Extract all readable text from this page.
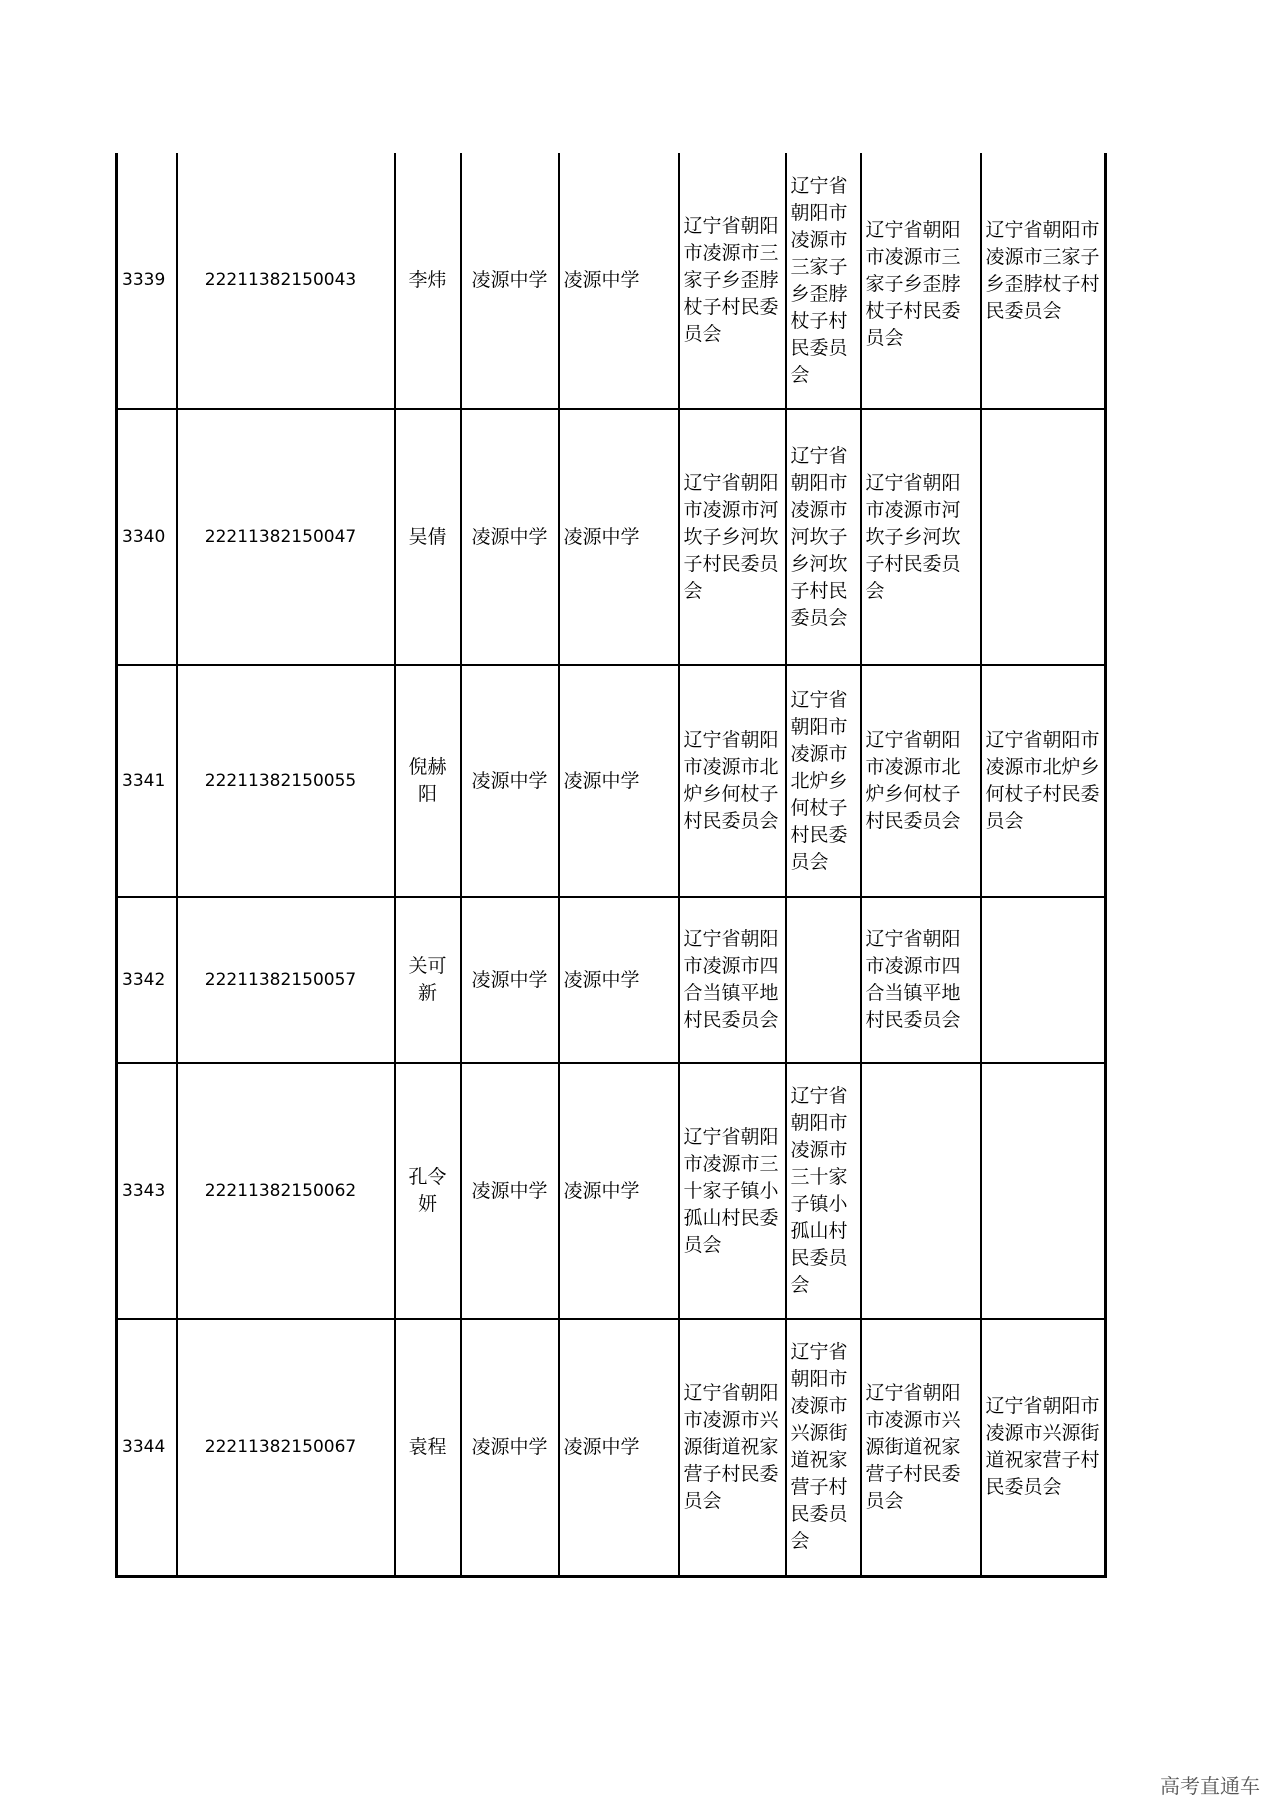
3339	22211382150043	李炜	凌源中学	凌源中学	辽宁省朝阳市凌源市三家子乡歪脖杖子村民委员会	辽宁省朝阳市凌源市三家子乡歪脖杖子村民委员会	辽宁省朝阳市凌源市三家子乡歪脖杖子村民委员会	辽宁省朝阳市凌源市三家子乡歪脖杖子村民委员会
3340	22211382150047	吴倩	凌源中学	凌源中学	辽宁省朝阳市凌源市河坎子乡河坎子村民委员会	辽宁省朝阳市凌源市河坎子乡河坎子村民委员会	辽宁省朝阳市凌源市河坎子乡河坎子村民委员会	
3341	22211382150055	倪赫阳	凌源中学	凌源中学	辽宁省朝阳市凌源市北炉乡何杖子村民委员会	辽宁省朝阳市凌源市北炉乡何杖子村民委员会	辽宁省朝阳市凌源市北炉乡何杖子村民委员会	辽宁省朝阳市凌源市北炉乡何杖子村民委员会
3342	22211382150057	关可新	凌源中学	凌源中学	辽宁省朝阳市凌源市四合当镇平地村民委员会		辽宁省朝阳市凌源市四合当镇平地村民委员会	
3343	22211382150062	孔令妍	凌源中学	凌源中学	辽宁省朝阳市凌源市三十家子镇小孤山村民委员会	辽宁省朝阳市凌源市三十家子镇小孤山村民委员会		
3344	22211382150067	袁程	凌源中学	凌源中学	辽宁省朝阳市凌源市兴源街道祝家营子村民委员会	辽宁省朝阳市凌源市兴源街道祝家营子村民委员会	辽宁省朝阳市凌源市兴源街道祝家营子村民委员会	辽宁省朝阳市凌源市兴源街道祝家营子村民委员会
高考直通车
